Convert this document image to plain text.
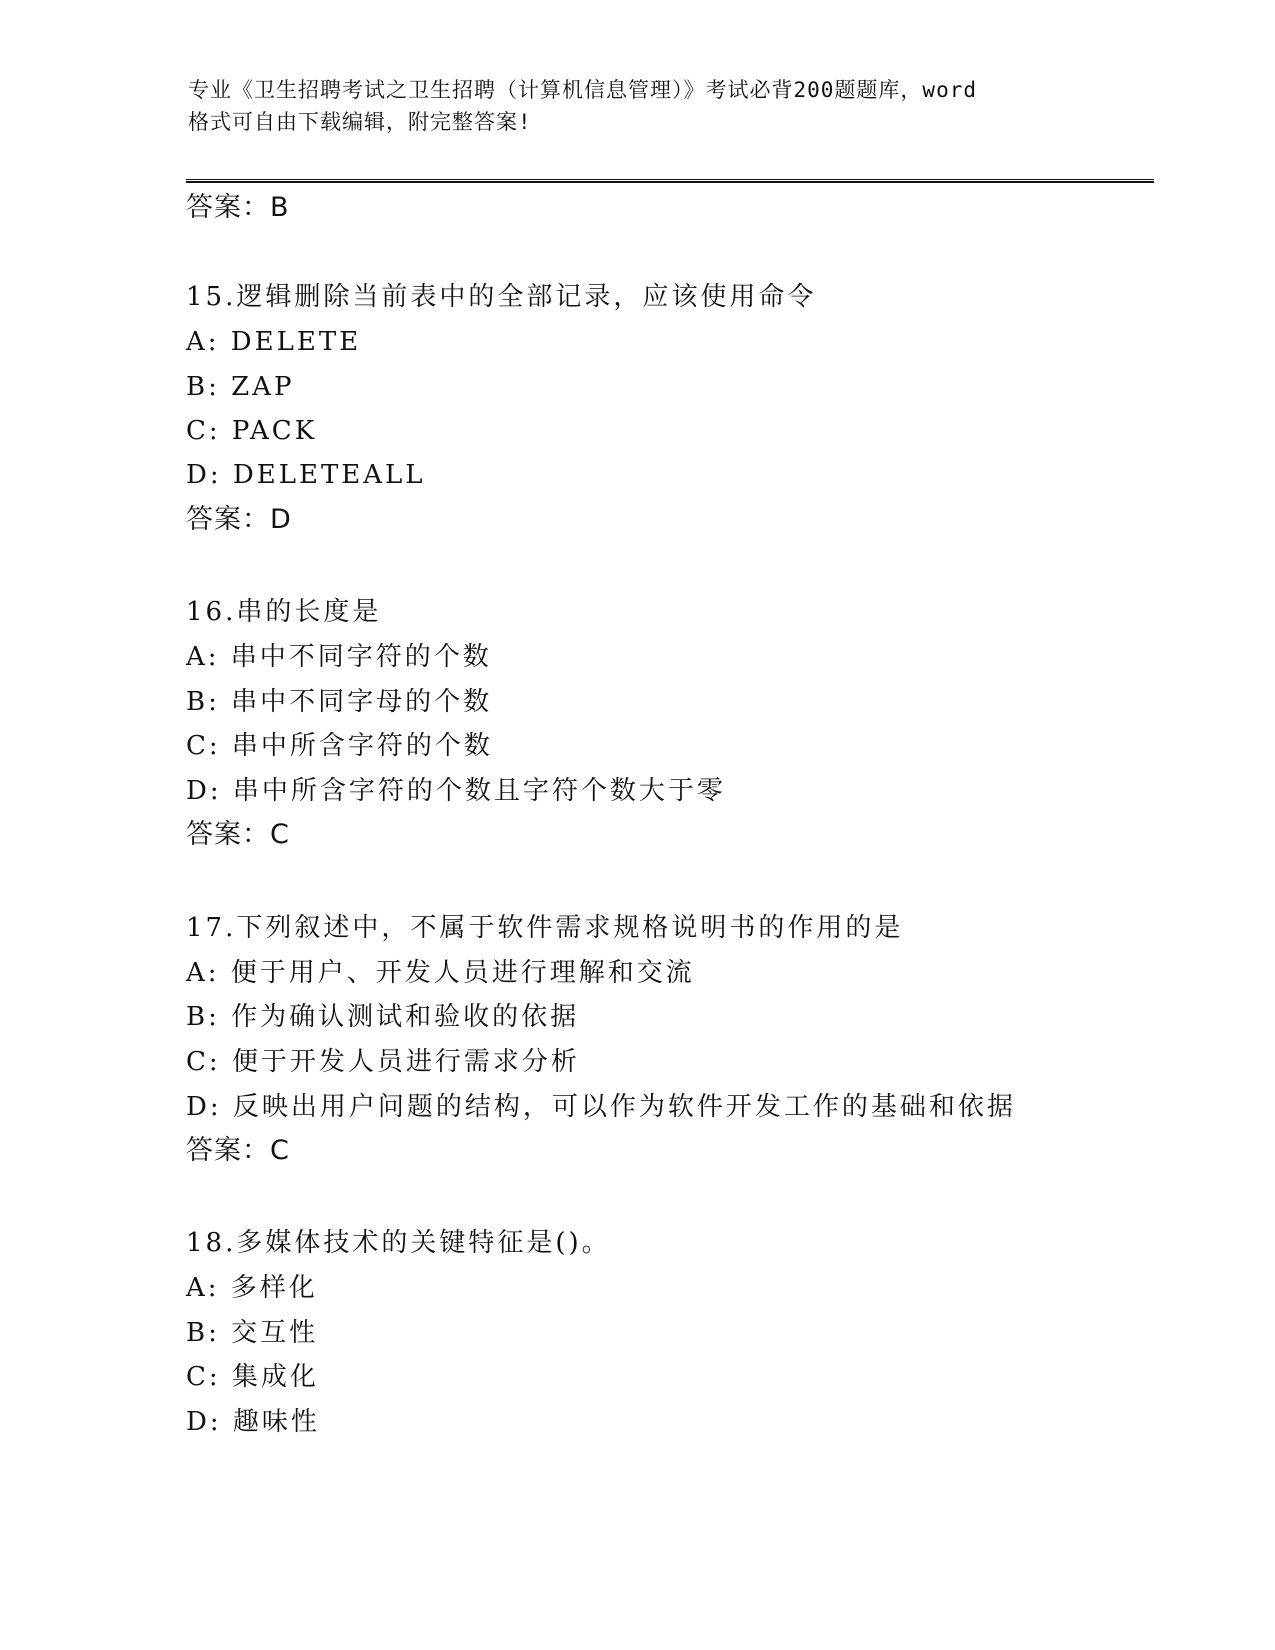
专业《卫生招聘考试之卫生招聘（计算机信息管理）》考试必背200题题库，word
格式可自由下载编辑，附完整答案!
答案：B
15.逻辑删除当前表中的全部记录，应该使用命令
A: DELETE
B: ZAP
C: PACK
D: DELETEALL
答案：D
16.串的长度是
A: 串中不同字符的个数
B: 串中不同字母的个数
C: 串中所含字符的个数
D: 串中所含字符的个数且字符个数大于零
答案：C
17.下列叙述中，不属于软件需求规格说明书的作用的是
A: 便于用户、开发人员进行理解和交流
B: 作为确认测试和验收的依据
C: 便于开发人员进行需求分析
D: 反映出用户问题的结构，可以作为软件开发工作的基础和依据
答案：C
18.多媒体技术的关键特征是()。
A: 多样化
B: 交互性
C: 集成化
D: 趣味性
